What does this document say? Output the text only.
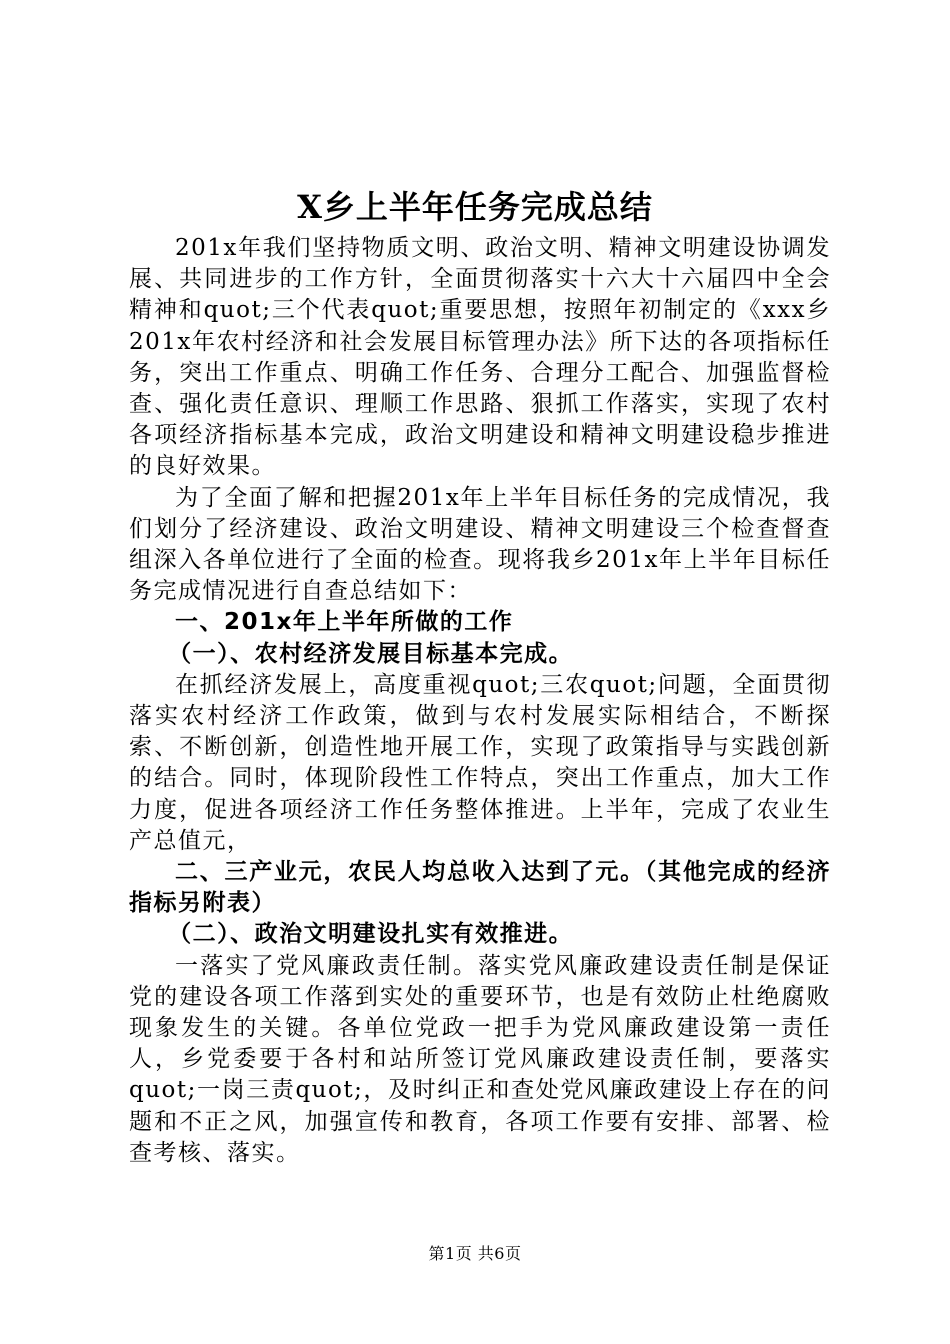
X乡上半年任务完成总结

201x年我们坚持物质文明、政治文明、精神文明建设协调发展、共同进步的工作方针，全面贯彻落实十六大十六届四中全会精神和quot;三个代表quot;重要思想，按照年初制定的《xxx乡201x年农村经济和社会发展目标管理办法》所下达的各项指标任务，突出工作重点、明确工作任务、合理分工配合、加强监督检查、强化责任意识、理顺工作思路、狠抓工作落实，实现了农村各项经济指标基本完成，政治文明建设和精神文明建设稳步推进的良好效果。

为了全面了解和把握201x年上半年目标任务的完成情况，我们划分了经济建设、政治文明建设、精神文明建设三个检查督查组深入各单位进行了全面的检查。现将我乡201x年上半年目标任务完成情况进行自查总结如下：

一、201x年上半年所做的工作

（一）、农村经济发展目标基本完成。

在抓经济发展上，高度重视quot;三农quot;问题，全面贯彻落实农村经济工作政策，做到与农村发展实际相结合，不断探索、不断创新，创造性地开展工作，实现了政策指导与实践创新的结合。同时，体现阶段性工作特点，突出工作重点，加大工作力度，促进各项经济工作任务整体推进。上半年，完成了农业生产总值元，

二、三产业元，农民人均总收入达到了元。（其他完成的经济指标另附表）

（二）、政治文明建设扎实有效推进。

一落实了党风廉政责任制。落实党风廉政建设责任制是保证党的建设各项工作落到实处的重要环节，也是有效防止杜绝腐败现象发生的关键。各单位党政一把手为党风廉政建设第一责任人，乡党委要于各村和站所签订党风廉政建设责任制，要落实quot;一岗三责quot;，及时纠正和查处党风廉政建设上存在的问题和不正之风，加强宣传和教育，各项工作要有安排、部署、检查考核、落实。

第1页 共6页
